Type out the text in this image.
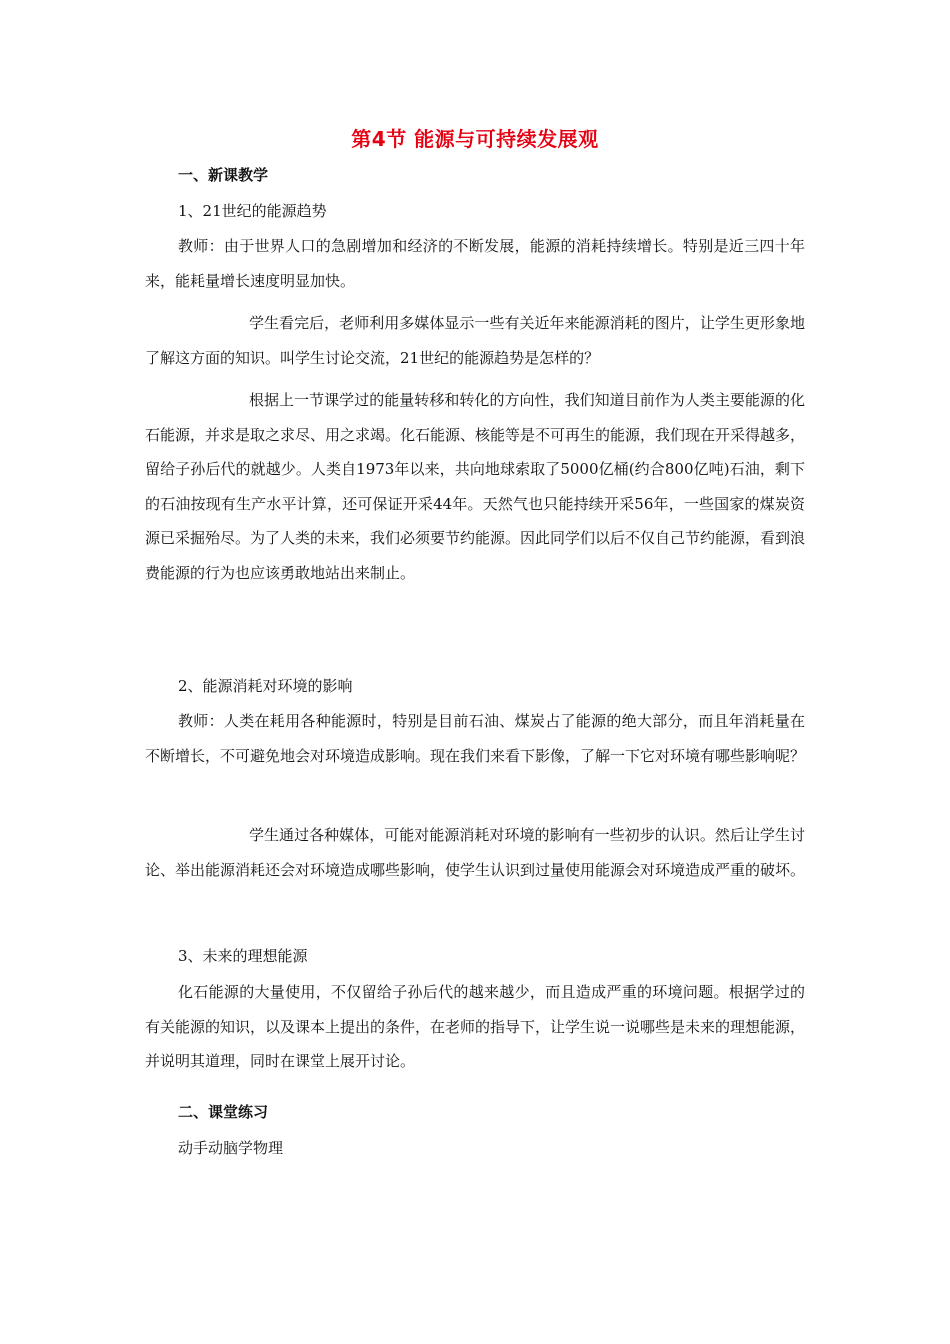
第4节 能源与可持续发展观
一、新课教学
1、21世纪的能源趋势

教师：由于世界人口的急剧增加和经济的不断发展，能源的消耗持续增长。特别是近三四十年来，能耗量增长速度明显加快。

学生看完后，老师利用多媒体显示一些有关近年来能源消耗的图片，让学生更形象地了解这方面的知识。叫学生讨论交流，21世纪的能源趋势是怎样的？

根据上一节课学过的能量转移和转化的方向性，我们知道目前作为人类主要能源的化石能源，并求是取之求尽、用之求竭。化石能源、核能等是不可再生的能源，我们现在开采得越多，留给子孙后代的就越少。人类自1973年以来，共向地球索取了5000亿桶(约合800亿吨)石油，剩下的石油按现有生产水平计算，还可保证开采44年。天然气也只能持续开采56年，一些国家的煤炭资源已采掘殆尽。为了人类的未来，我们必须要节约能源。因此同学们以后不仅自己节约能源，看到浪费能源的行为也应该勇敢地站出来制止。

2、能源消耗对环境的影响

教师：人类在耗用各种能源时，特别是目前石油、煤炭占了能源的绝大部分，而且年消耗量在不断增长，不可避免地会对环境造成影响。现在我们来看下影像，了解一下它对环境有哪些影响呢？

学生通过各种媒体，可能对能源消耗对环境的影响有一些初步的认识。然后让学生讨论、举出能源消耗还会对环境造成哪些影响，使学生认识到过量使用能源会对环境造成严重的破坏。

3、未来的理想能源

化石能源的大量使用，不仅留给子孙后代的越来越少，而且造成严重的环境问题。根据学过的有关能源的知识，以及课本上提出的条件，在老师的指导下，让学生说一说哪些是未来的理想能源，并说明其道理，同时在课堂上展开讨论。

二、课堂练习
动手动脑学物理
